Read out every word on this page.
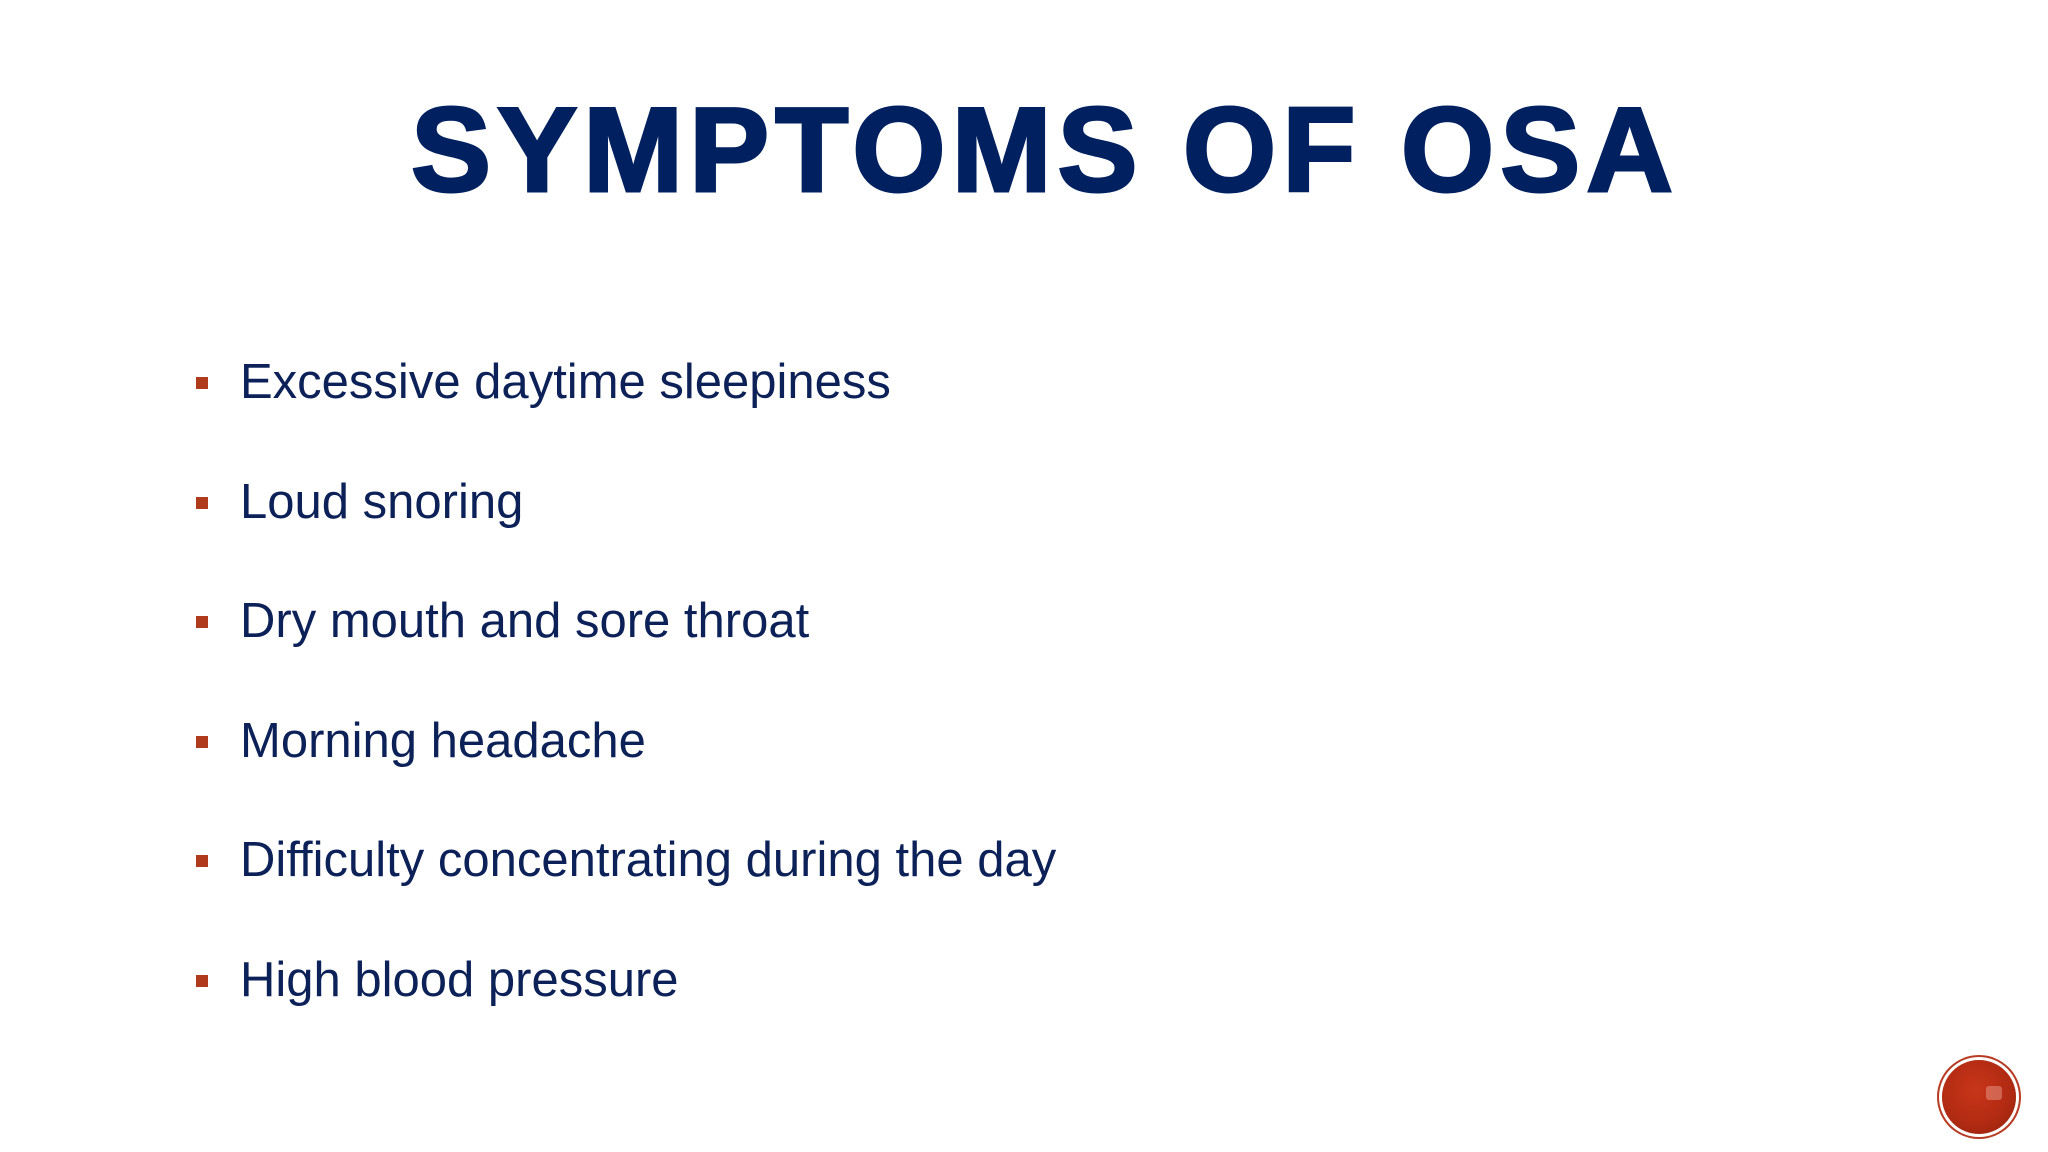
SYMPTOMS OF OSA
Excessive daytime sleepiness
Loud snoring
Dry mouth and sore throat
Morning headache
Difficulty concentrating during the day
High blood pressure
